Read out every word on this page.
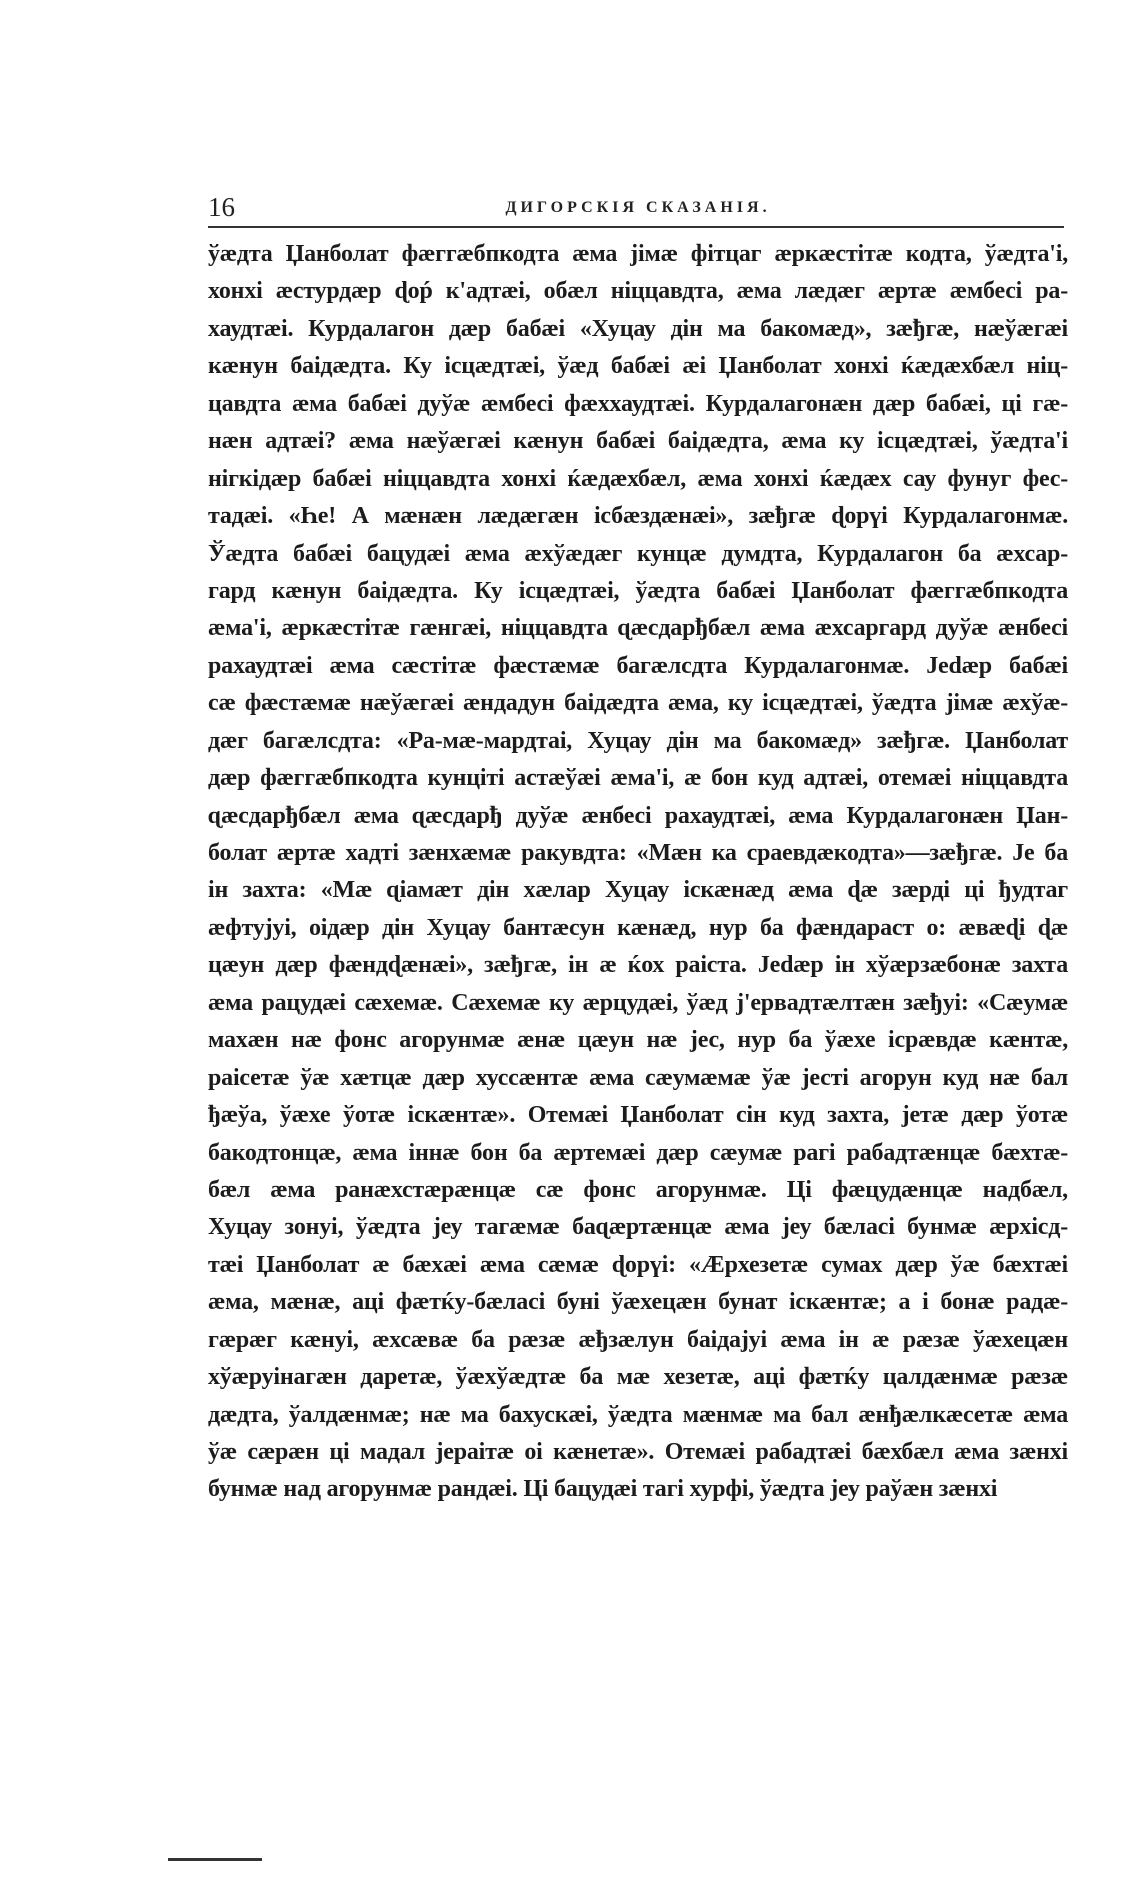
16	ДИГОРСКІЯ СКАЗАНІЯ.
ўæдта Џанболат фæггæбпкодта æма јімæ фітцаг æркæстітæ кодта, ўæдта'і,
хонхі æстурдæр ɖоṕ к'адтæі, обæл ніццавдта, æма лæдæг æртæ æмбесі ра-
хаудтæі. Курдалагон дæр бабæі «Хуцау дін ма бакомæд», зæђгæ, нæўæгæі
кæнун баідæдта. Ку ісцæдтæі, ўæд бабæі æі Џанболат хонхі ќæдæхбæл ніц-
цавдта æма бабæі дуўæ æмбесі фæххаудтæі. Курдалагонæн дæр бабæі, ці гæ-
нæн адтæі? æма нæўæгæі кæнун бабæі баідæдта, æма ку ісцæдтæі, ўæдта'і
нігкідæр бабæі ніццавдта хонхі ќæдæхбæл, æма хонхі ќæдæх сау фунуг фес-
тадæі. «Һе! А мæнæн лæдæгæн ісбæздæнæі», зæђгæ ɖорүі Курдалагонмæ.
Ўæдта бабæі бацудæі æма æхўæдæг кунцæ думдта, Курдалагон ба æхсар-
гард кæнун баідæдта. Ку ісцæдтæі, ўæдта бабæі Џанболат фæггæбпкодта
æма'і, æркæстітæ гæнгæі, ніццавдта ɋæсдарђбæл æма æхсаргард дуўæ æнбесі
рахаудтæі æма сæстітæ фæстæмæ багæлсдта Курдалагонмæ. Јеdæр бабæі
сæ фæстæмæ нæўæгæі æндадун баідæдта æма, ку ісцæдтæі, ўæдта јімæ æхўæ-
дæг багæлсдта: «Ра-мæ-мардтаі, Хуцау дін ма бакомæд» зæђгæ. Џанболат
дæр фæггæбпкодта кунціті астæўæі æма'і, æ бон куд адтæі, отемæі ніццавдта
ɋæсдарђбæл æма ɋæсдарђ дуўæ æнбесі рахаудтæі, æма Курдалагонæн Џан-
болат æртæ хадті зæнхæмæ ракувдта: «Мæн ка сраевдæкодта»—зæђгæ. Је ба
ін захта: «Мæ ɋіамæт дін хæлар Хуцау іскæнæд æма ɖæ зæрді ці ђудтаг
æфтујуі, оідæр дін Хуцау бантæсун кæнæд, нур ба фæндараст о: æвæɖі ɖæ
цæун дæр фæндɖæнæі», зæђгæ, ін æ ќох раіста. Јеdæр ін хўæрзæбонæ захта
æма рацудæі сæхемæ. Сæхемæ ку æрцудæі, ўæд ј'ервадтæлтæн зæђуі: «Сæумæ
махæн нæ фонс агорунмæ æнæ цæун нæ јес, нур ба ўæхе ісрæвдæ кæнтæ,
раісетæ ўæ хæтцæ дæр хуссæнтæ æма сæумæмæ ўæ јесті агорун куд нæ бал
ђæўа, ўæхе ўотæ іскæнтæ». Отемæі Џанболат сін куд захта, јетæ дæр ўотæ
бакодтонцæ, æма іннæ бон ба æртемæі дæр сæумæ рагі рабадтæнцæ бæхтæ-
бæл æма ранæхстæрæнцæ сæ фонс агорунмæ. Ці фæцудæнцæ надбæл,
Хуцау зонуі, ўæдта јеу тагæмæ баɋæртæнцæ æма јеу бæласі бунмæ æрхісд-
тæі Џанболат æ бæхæі æма сæмæ ɖорүі: «Ӕрхезетæ сумах дæр ўæ бæхтæі
æма, мæнæ, аці фæтќу-бæласі буні ўæхецæн бунат іскæнтæ; а і бонæ радæ-
гæрæг кæнуі, æхсæвæ ба рæзæ æђзæлун баідајуі æма ін æ рæзæ ўæхецæн
хўæруінагæн даретæ, ўæхўæдтæ ба мæ хезетæ, аці фæтќу цалдæнмæ рæзæ
дæдта, ўалдæнмæ; нæ ма бахускæі, ўæдта мæнмæ ма бал æнђæлкæсетæ æма
ўæ сæрæн ці мадал јераітæ оі кæнетæ». Отемæі рабадтæі бæхбæл æма зæнхі
бунмæ над агорунмæ рандæі. Ці бацудæі тагі хурфі, ўæдта јеу раўæн зæнхі
